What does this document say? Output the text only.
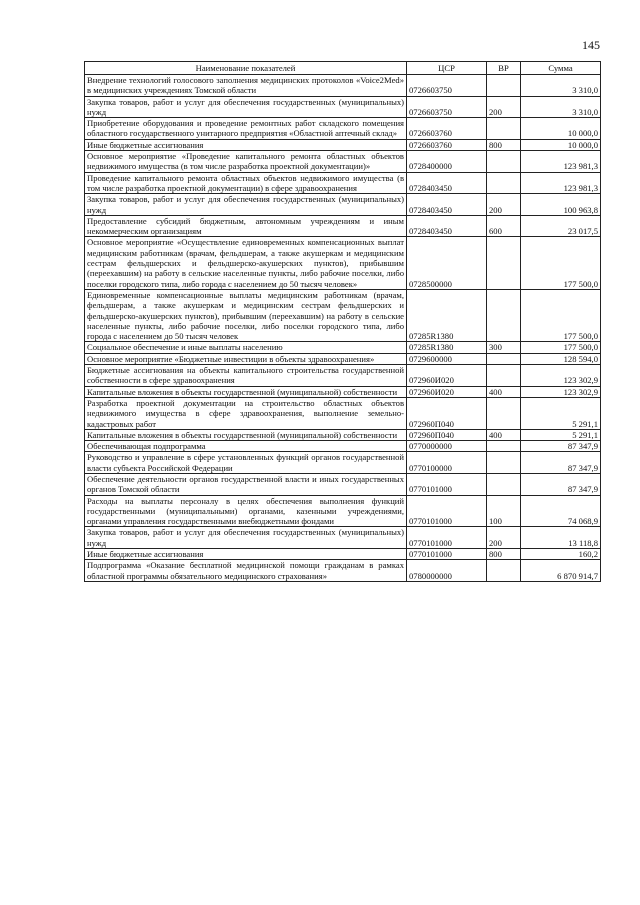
145
Наименование показателей	ЦСР	ВР	Сумма
Внедрение технологий голосового заполнения медицинских протоколов «Voice2Med» в медицинских учреждениях Томской области	0726603750		3 310,0
Закупка товаров, работ и услуг для обеспечения государственных (муниципальных) нужд	0726603750	200	3 310,0
Приобретение оборудования и проведение ремонтных работ складского помещения областного государственного унитарного предприятия «Областной аптечный склад»	0726603760		10 000,0
Иные бюджетные ассигнования	0726603760	800	10 000,0
Основное мероприятие «Проведение капитального ремонта областных объектов недвижимого имущества (в том числе разработка проектной документации)»	0728400000		123 981,3
Проведение капитального ремонта областных объектов недвижимого имущества (в том числе разработка проектной документации) в сфере здравоохранения	0728403450		123 981,3
Закупка товаров, работ и услуг для обеспечения государственных (муниципальных) нужд	0728403450	200	100 963,8
Предоставление субсидий бюджетным, автономным учреждениям и иным некоммерческим организациям	0728403450	600	23 017,5
Основное мероприятие «Осуществление единовременных компенсационных выплат медицинским работникам (врачам, фельдшерам, а также акушеркам и медицинским сестрам фельдшерских и фельдшерско-акушерских пунктов), прибывшим (переехавшим) на работу в сельские населенные пункты, либо рабочие поселки, либо поселки городского типа, либо города с населением до 50 тысяч человек»	0728500000		177 500,0
Единовременные компенсационные выплаты медицинским работникам (врачам, фельдшерам, а также акушеркам и медицинским сестрам фельдшерских и фельдшерско-акушерских пунктов), прибывшим (переехавшим) на работу в сельские населенные пункты, либо рабочие поселки, либо поселки городского типа, либо города с населением до 50 тысяч человек	07285R1380		177 500,0
Социальное обеспечение и иные выплаты населению	07285R1380	300	177 500,0
Основное мероприятие «Бюджетные инвестиции в объекты здравоохранения»	0729600000		128 594,0
Бюджетные ассигнования на объекты капитального строительства государственной собственности в сфере здравоохранения	072960И020		123 302,9
Капитальные вложения в объекты государственной (муниципальной) собственности	072960И020	400	123 302,9
Разработка проектной документации на строительство областных объектов недвижимого имущества в сфере здравоохранения, выполнение земельно-кадастровых работ	072960П040		5 291,1
Капитальные вложения в объекты государственной (муниципальной) собственности	072960П040	400	5 291,1
Обеспечивающая подпрограмма	0770000000		87 347,9
Руководство и управление в сфере установленных функций органов государственной власти субъекта Российской Федерации	0770100000		87 347,9
Обеспечение деятельности органов государственной власти и иных государственных органов Томской области	0770101000		87 347,9
Расходы на выплаты персоналу в целях обеспечения выполнения функций государственными (муниципальными) органами, казенными учреждениями, органами управления государственными внебюджетными фондами	0770101000	100	74 068,9
Закупка товаров, работ и услуг для обеспечения государственных (муниципальных) нужд	0770101000	200	13 118,8
Иные бюджетные ассигнования	0770101000	800	160,2
Подпрограмма «Оказание бесплатной медицинской помощи гражданам в рамках областной программы обязательного медицинского страхования»	0780000000		6 870 914,7
